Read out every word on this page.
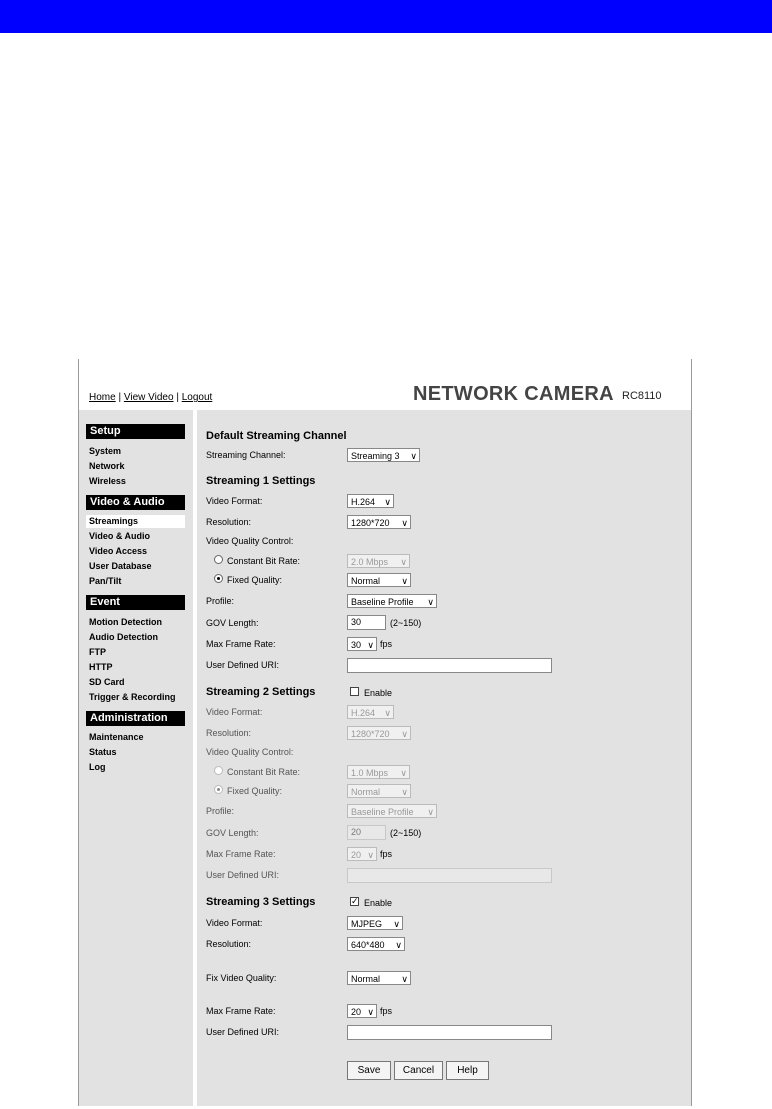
Home | View Video | Logout	NETWORK CAMERA RC8110
Setup
System
Network
Wireless
Video & Audio
Streamings
Video & Audio
Video Access
User Database
Pan/Tilt
Event
Motion Detection
Audio Detection
FTP
HTTP
SD Card
Trigger & Recording
Administration
Maintenance
Status
Log
Default Streaming Channel
Streaming Channel:	Streaming 3 ∨
Streaming 1 Settings
Video Format:	H.264 ∨
Resolution:	1280*720 ∨
Video Quality Control:
Constant Bit Rate:	2.0 Mbps ∨
Fixed Quality:	Normal ∨
Profile:	Baseline Profile ∨
GOV Length:	30	(2~150)
Max Frame Rate:	30 ∨ fps
User Defined URI:
Streaming 2 Settings	Enable
Video Format:	H.264 ∨
Resolution:	1280*720 ∨
Video Quality Control:
Constant Bit Rate:	1.0 Mbps ∨
Fixed Quality:	Normal ∨
Profile:	Baseline Profile ∨
GOV Length:	20	(2~150)
Max Frame Rate:	20 ∨ fps
User Defined URI:
Streaming 3 Settings	✓ Enable
Video Format:	MJPEG ∨
Resolution:	640*480 ∨
Fix Video Quality:	Normal ∨
Max Frame Rate:	20 ∨ fps
User Defined URI:
Save	Cancel	Help
